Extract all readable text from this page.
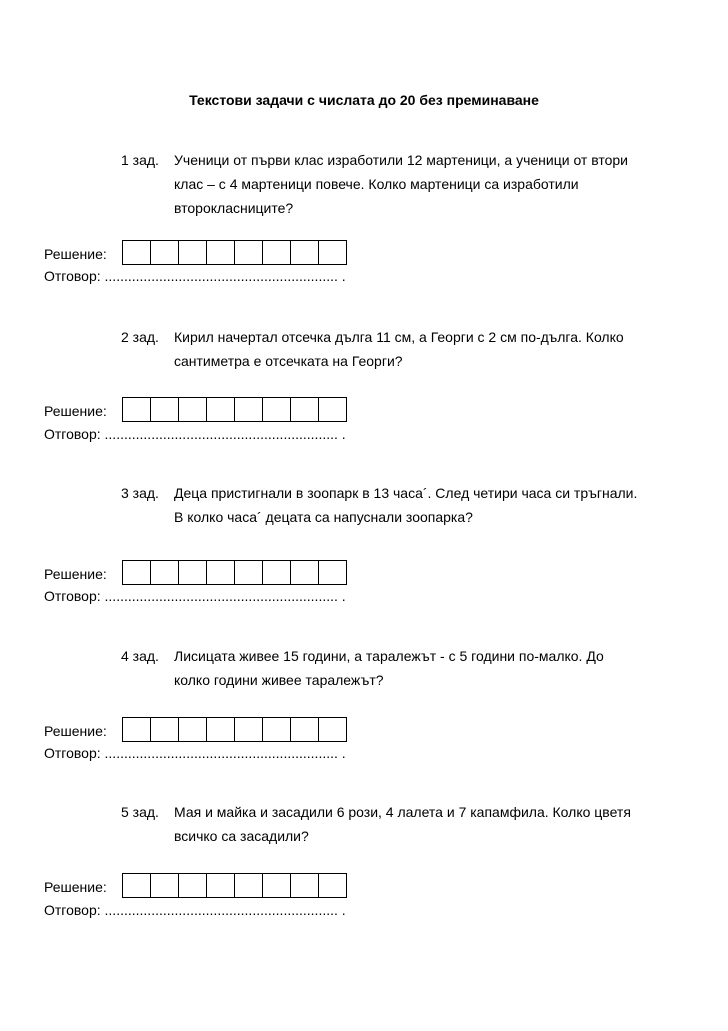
Текстови задачи с числата до 20 без преминаване
1 зад. Ученици от първи клас изработили 12 мартеници, а ученици от втори
клас – с 4 мартеници повече. Колко мартеници са изработили
второкласниците?
Решение:
Отговор: ............................................................ .
2 зад. Кирил начертал отсечка дълга 11 см, а Георги с 2 см по-дълга. Колко
сантиметра е отсечката на Георги?
Решение:
Отговор: ............................................................ .
3 зад. Деца пристигнали в зоопарк в 13 часа´. След четири часа си тръгнали.
В колко часа´ децата са напуснали зоопарка?
Решение:
Отговор: ............................................................ .
4 зад. Лисицата живее 15 години, а таралежът - с 5 години по-малко. До
колко години живее таралежът?
Решение:
Отговор: ............................................................ .
5 зад. Мая и майка и засадили 6 рози, 4 лалета и 7 капамфила. Колко цветя
всичко са засадили?
Решение:
Отговор: ............................................................ .
